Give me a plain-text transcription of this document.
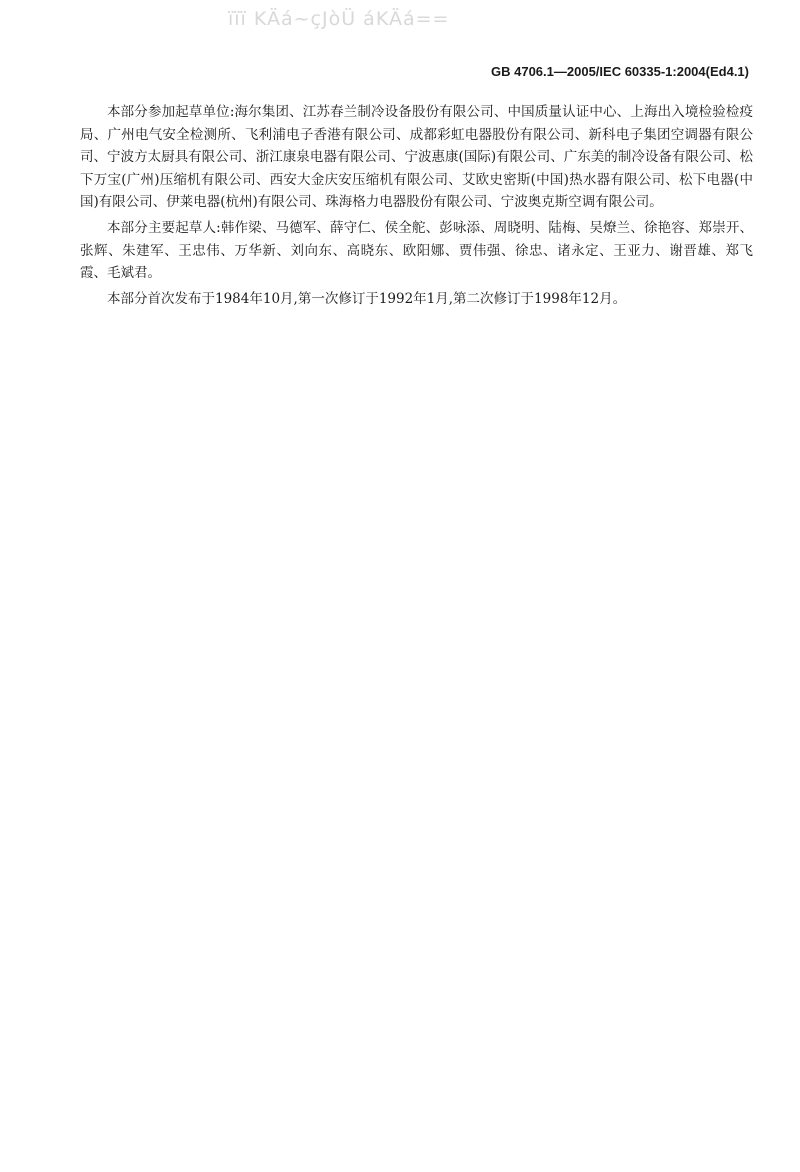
ïïï KÄá~çJòÜ áKÄá==
GB 4706.1—2005/IEC 60335-1:2004(Ed4.1)

本部分参加起草单位:海尔集团、江苏春兰制冷设备股份有限公司、中国质量认证中心、上海出入境检验检疫局、广州电气安全检测所、飞利浦电子香港有限公司、成都彩虹电器股份有限公司、新科电子集团空调器有限公司、宁波方太厨具有限公司、浙江康泉电器有限公司、宁波惠康(国际)有限公司、广东美的制冷设备有限公司、松下万宝(广州)压缩机有限公司、西安大金庆安压缩机有限公司、艾欧史密斯(中国)热水器有限公司、松下电器(中国)有限公司、伊莱电器(杭州)有限公司、珠海格力电器股份有限公司、宁波奥克斯空调有限公司。

本部分主要起草人:韩作梁、马德军、薛守仁、侯全舵、彭咏添、周晓明、陆梅、吴燎兰、徐艳容、郑崇开、张辉、朱建军、王忠伟、万华新、刘向东、高晓东、欧阳娜、贾伟强、徐忠、诸永定、王亚力、谢晋雄、郑飞霞、毛斌君。

本部分首次发布于1984年10月,第一次修订于1992年1月,第二次修订于1998年12月。
